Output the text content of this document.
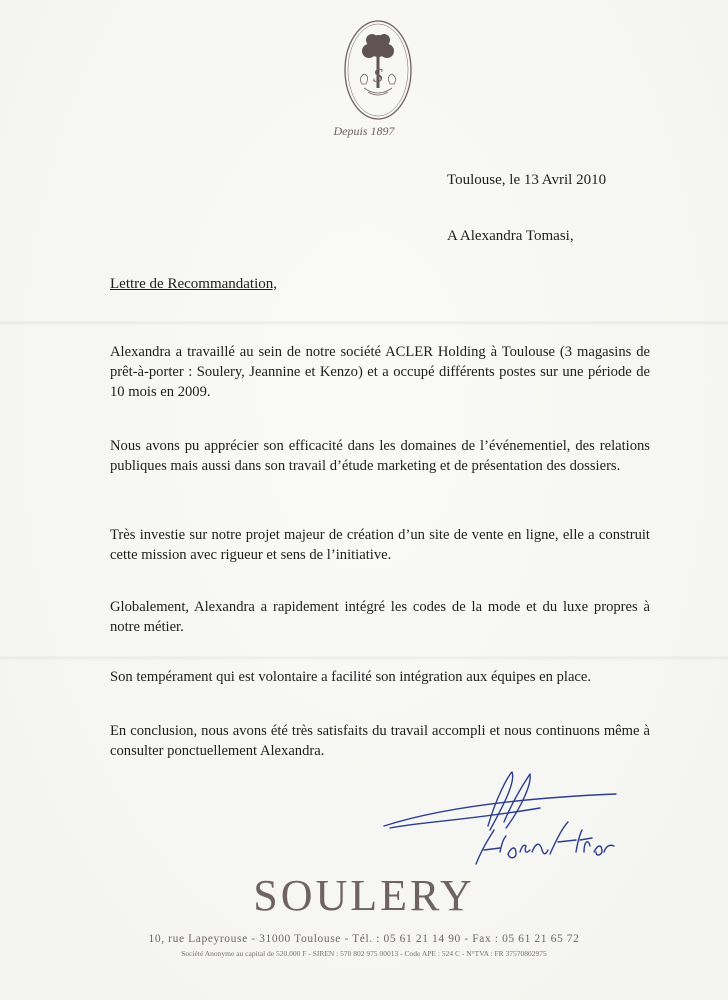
S
Depuis 1897
Toulouse, le 13 Avril 2010
A Alexandra Tomasi,
Lettre de Recommandation,

Alexandra a travaillé au sein de notre société ACLER Holding à Toulouse (3 magasins de prêt-à-porter : Soulery, Jeannine et Kenzo) et a occupé différents postes sur une période de 10 mois en 2009.

Nous avons pu apprécier son efficacité dans les domaines de l’événementiel, des relations publiques mais aussi dans son travail d’étude marketing et de présentation des dossiers.

Très investie sur notre projet majeur de création d’un site de vente en ligne, elle a construit cette mission avec rigueur et sens de l’initiative.

Globalement, Alexandra a rapidement intégré les codes de la mode et du luxe propres à notre métier.

Son tempérament qui est volontaire a facilité son intégration aux équipes en place.

En conclusion, nous avons été très satisfaits du travail accompli et nous continuons même à consulter ponctuellement Alexandra.

SOULERY
10, rue Lapeyrouse - 31000 Toulouse - Tél. : 05 61 21 14 90 - Fax : 05 61 21 65 72
Société Anonyme au capital de 520.000 F - SIREN : 570 802 975 00013 - Code APE : 524 C - N°TVA : FR 37570802975
